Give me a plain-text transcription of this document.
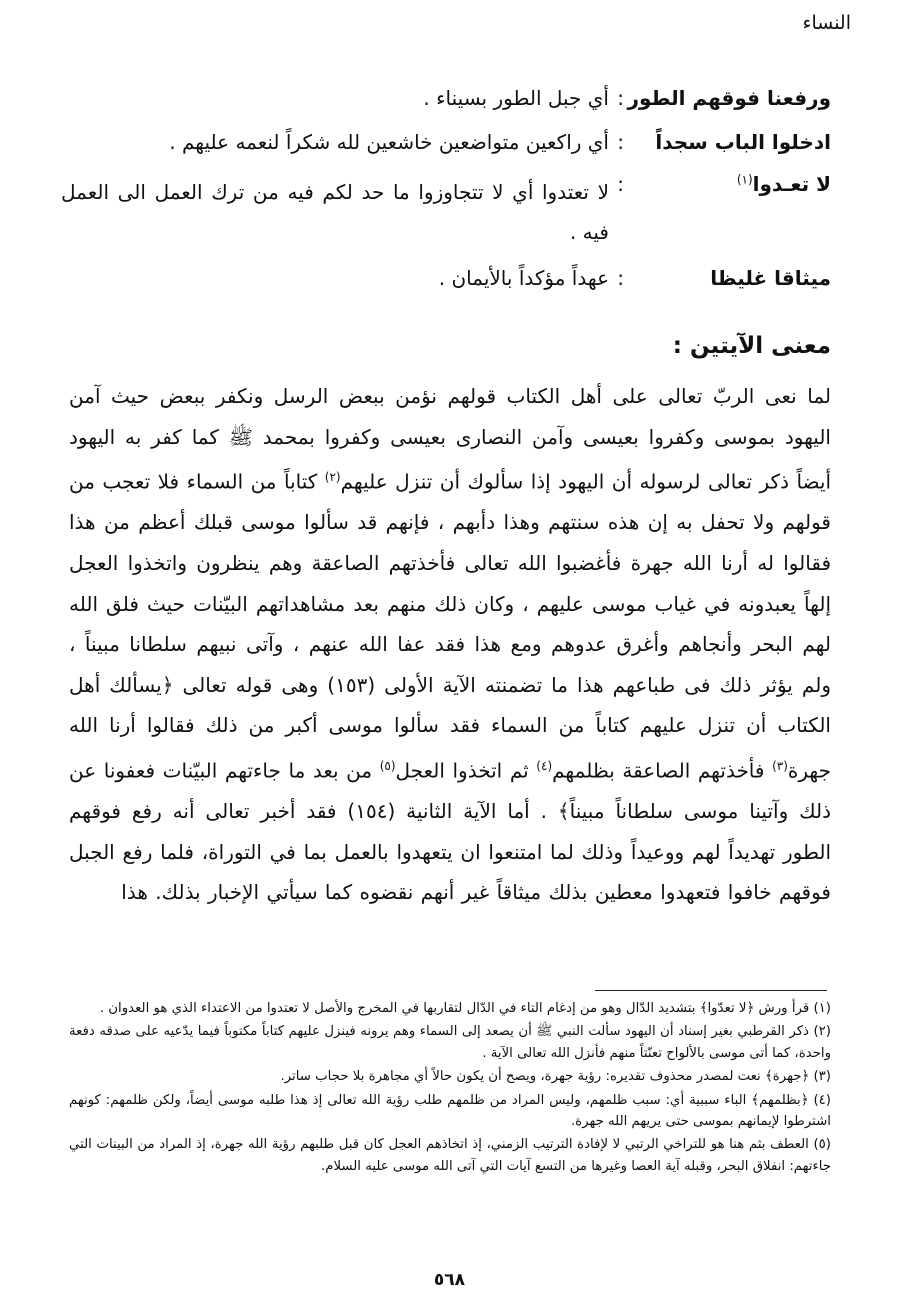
النساء
ورفعنا فوقهم الطور
:
أي جبل الطور بسيناء .
ادخلوا الباب سجداً
:
أي راكعين متواضعين خاشعين لله شكراً لنعمه عليهم .
لا تعـدوا$^{(١)}$
:
لا تعتدوا أي لا تتجاوزوا ما حد لكم فيه من ترك العمل الى العمل فيه .
ميثاقا غليظا
:
عهداً مؤكداً بالأيمان .
معنى الآيتين :
لما نعى الربّ تعالى على أهل الكتاب قولهم نؤمن ببعض الرسل ونكفر ببعض حيث آمن اليهود بموسى وكفروا بعيسى وآمن النصارى بعيسى وكفروا بمحمد ﷺ كما كفر به اليهود أيضاً ذكر تعالى لرسوله أن اليهود إذا سألوك أن تنزل عليهم$^{(٢)}$ كتاباً من السماء فلا تعجب من قولهم ولا تحفل به إن هذه سنتهم وهذا دأبهم ، فإنهم قد سألوا موسى قبلك أعظم من هذا فقالوا له أرنا الله جهرة فأغضبوا الله تعالى فأخذتهم الصاعقة وهم ينظرون واتخذوا العجل إلهاً يعبدونه في غياب موسى عليهم ، وكان ذلك منهم بعد مشاهداتهم البيّنات حيث فلق الله لهم البحر وأنجاهم وأغرق عدوهم ومع هذا فقد عفا الله عنهم ، وآتى نبيهم سلطانا مبيناً ، ولم يؤثر ذلك فى طباعهم هذا ما تضمنته الآية الأولى (١٥٣) وهى قوله تعالى ﴿يسألك أهل الكتاب أن تنزل عليهم كتاباً من السماء فقد سألوا موسى أكبر من ذلك فقالوا أرنا الله جهرة$^{(٣)}$ فأخذتهم الصاعقة بظلمهم$^{(٤)}$ ثم اتخذوا العجل$^{(٥)}$ من بعد ما جاءتهم البيّنات فعفونا عن ذلك وآتينا موسى سلطاناً مبيناً﴾ . أما الآية الثانية (١٥٤) فقد أخبر تعالى أنه رفع فوقهم الطور تهديداً لهم ووعيداً وذلك لما امتنعوا ان يتعهدوا بالعمل بما في التوراة، فلما رفع الجبل فوقهم خافوا فتعهدوا معطين بذلك ميثاقاً غير أنهم نقضوه كما سيأتي الإخبار بذلك. هذا

(١) قرأ ورش ﴿لا تعدّوا﴾ بتشديد الدّال وهو من إدغام التاء في الدّال لتقاربها في المخرج والأصل لا تعتدوا من الاعتداء الذي هو العدوان .

(٢) ذكر القرطبي بغير إسناد أن اليهود سألت النبي ﷺ أن يصعد إلى السماء وهم يرونه فينزل عليهم كتاباً مكتوباً فيما يدّعيه على صدقه دفعة واحدة، كما أتى موسى بالألواح تعنّتاً منهم فأنزل الله تعالى الآية .

(٣) ﴿جهرة﴾ نعت لمصدر محذوف تقديره: رؤية جهرة، ويصح أن يكون حالاً أي مجاهرة بلا حجاب ساتر.

(٤) ﴿بظلمهم﴾ الباء سببية أي: سبب ظلمهم، وليس المراد من ظلمهم طلب رؤية الله تعالى إذ هذا طلبه موسى أيضاً، ولكن ظلمهم: كونهم اشترطوا لإيمانهم بموسى حتى يريهم الله جهرة.

(٥) العطف بثم هنا هو للتراخي الرتبي لا لإفادة الترتيب الزمني، إذ اتخاذهم العجل كان قبل طلبهم رؤية الله جهرة، إذ المراد من البينات التي جاءتهم: انفلاق البحر، وقبله آية العصا وغيرها من التسع آيات التي آتى الله موسى عليه السلام.

٥٦٨
